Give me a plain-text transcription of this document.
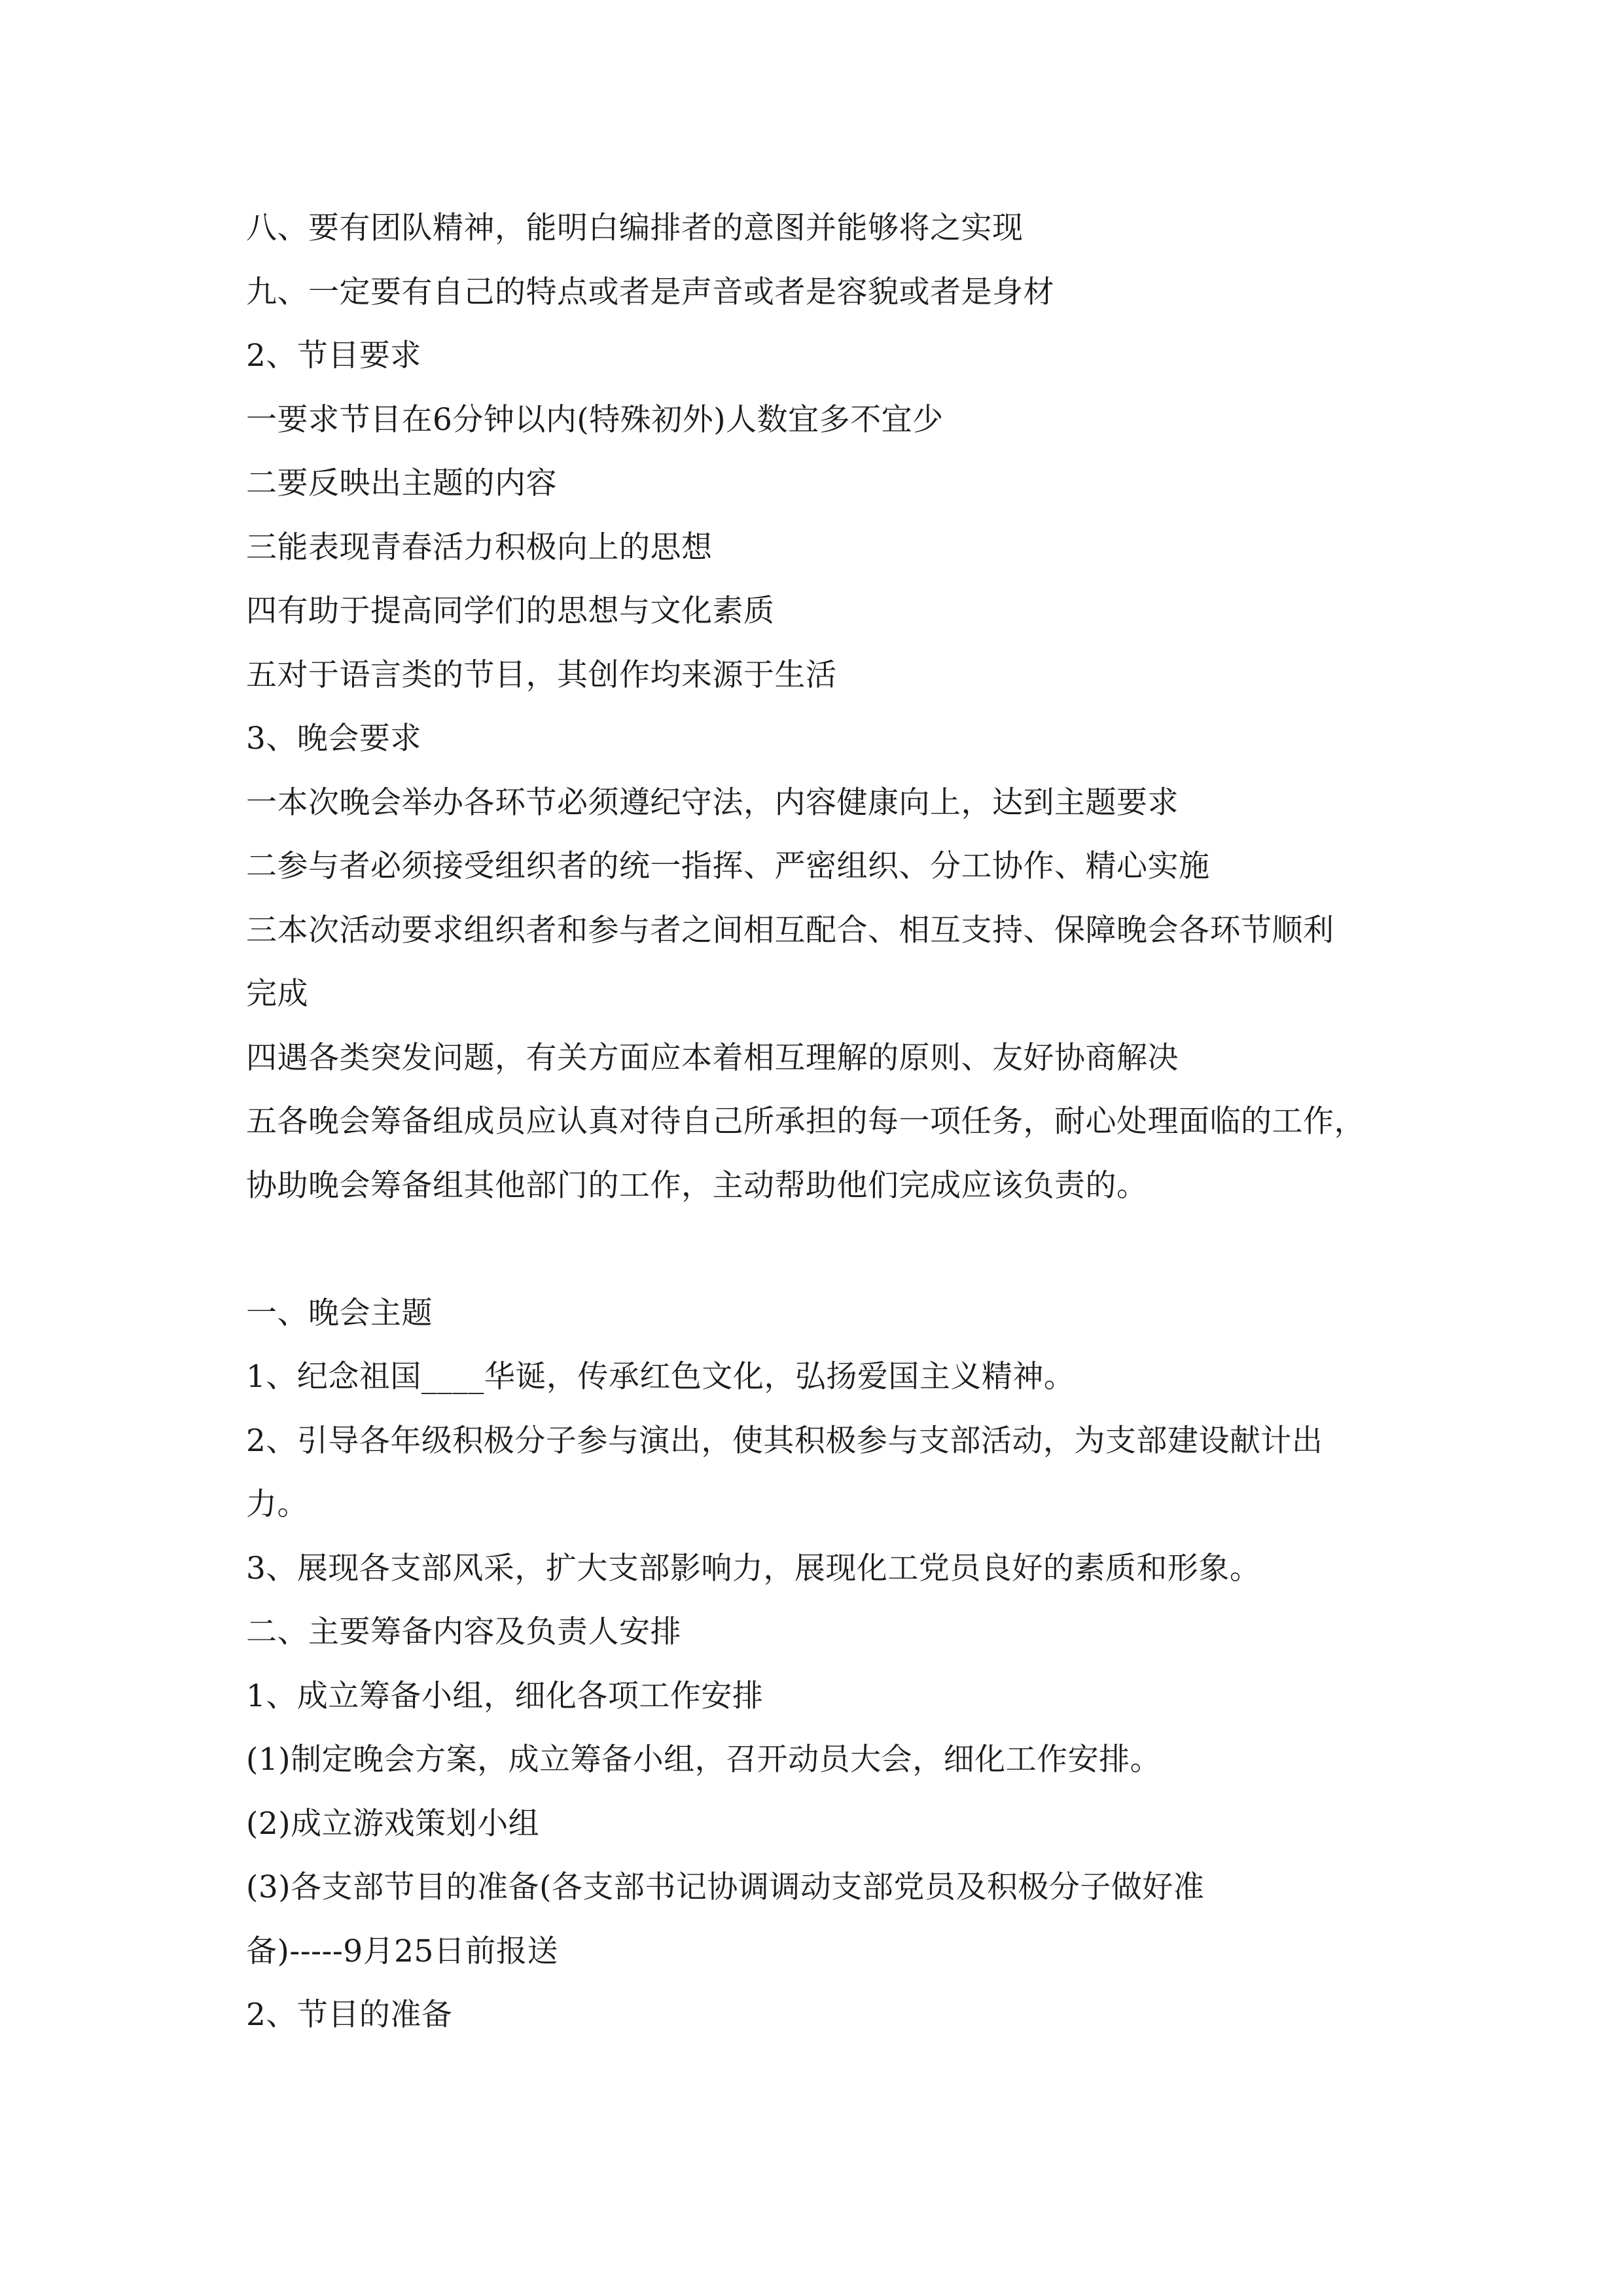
八、要有团队精神，能明白编排者的意图并能够将之实现
九、一定要有自己的特点或者是声音或者是容貌或者是身材
2、节目要求
一要求节目在6分钟以内(特殊初外)人数宜多不宜少
二要反映出主题的内容
三能表现青春活力积极向上的思想
四有助于提高同学们的思想与文化素质
五对于语言类的节目，其创作均来源于生活
3、晚会要求
一本次晚会举办各环节必须遵纪守法，内容健康向上，达到主题要求
二参与者必须接受组织者的统一指挥、严密组织、分工协作、精心实施
三本次活动要求组织者和参与者之间相互配合、相互支持、保障晚会各环节顺利
完成
四遇各类突发问题，有关方面应本着相互理解的原则、友好协商解决
五各晚会筹备组成员应认真对待自己所承担的每一项任务，耐心处理面临的工作，
协助晚会筹备组其他部门的工作，主动帮助他们完成应该负责的。
一、晚会主题
1、纪念祖国____华诞，传承红色文化，弘扬爱国主义精神。
2、引导各年级积极分子参与演出，使其积极参与支部活动，为支部建设献计出
力。
3、展现各支部风采，扩大支部影响力，展现化工党员良好的素质和形象。
二、主要筹备内容及负责人安排
1、成立筹备小组，细化各项工作安排
(1)制定晚会方案，成立筹备小组，召开动员大会，细化工作安排。
(2)成立游戏策划小组
(3)各支部节目的准备(各支部书记协调调动支部党员及积极分子做好准
备)-----9月25日前报送
2、节目的准备
